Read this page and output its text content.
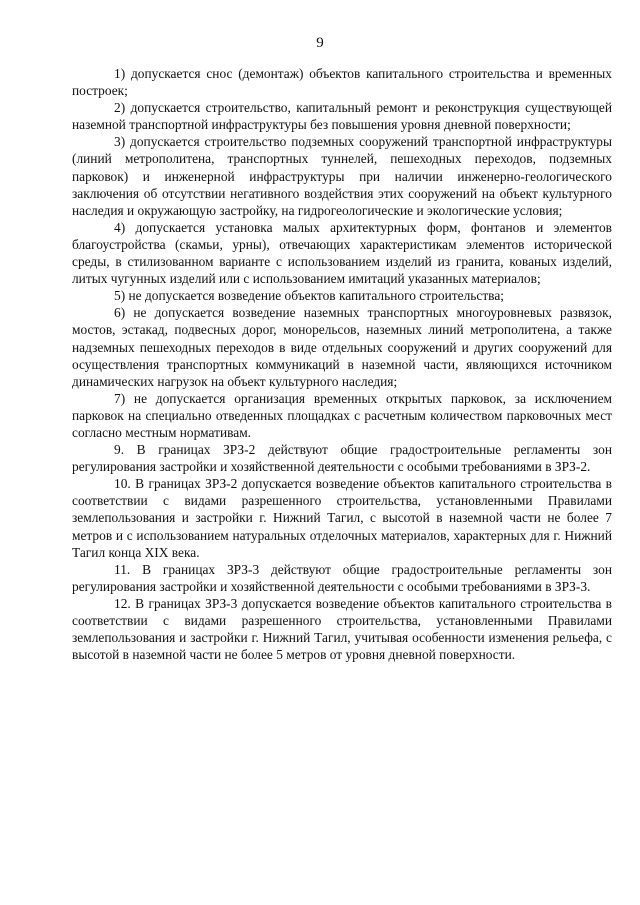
9

1) допускается снос (демонтаж) объектов капитального строительства и временных построек;

2) допускается строительство, капитальный ремонт и реконструкция существующей наземной транспортной инфраструктуры без повышения уровня дневной поверхности;

3) допускается строительство подземных сооружений транспортной инфраструктуры (линий метрополитена, транспортных туннелей, пешеходных переходов, подземных парковок) и инженерной инфраструктуры при наличии инженерно-геологического заключения об отсутствии негативного воздействия этих сооружений на объект культурного наследия и окружающую застройку, на гидрогеологические и экологические условия;

4) допускается установка малых архитектурных форм, фонтанов и элементов благоустройства (скамьи, урны), отвечающих характеристикам элементов исторической среды, в стилизованном варианте с использованием изделий из гранита, кованых изделий, литых чугунных изделий или с использованием имитаций указанных материалов;

5) не допускается возведение объектов капитального строительства;

6) не допускается возведение наземных транспортных многоуровневых развязок, мостов, эстакад, подвесных дорог, монорельсов, наземных линий метрополитена, а также надземных пешеходных переходов в виде отдельных сооружений и других сооружений для осуществления транспортных коммуникаций в наземной части, являющихся источником динамических нагрузок на объект культурного наследия;

7) не допускается организация временных открытых парковок, за исключением парковок на специально отведенных площадках с расчетным количеством парковочных мест согласно местным нормативам.

9. В границах ЗРЗ-2 действуют общие градостроительные регламенты зон регулирования застройки и хозяйственной деятельности с особыми требованиями в ЗРЗ-2.

10. В границах ЗРЗ-2 допускается возведение объектов капитального строительства в соответствии с видами разрешенного строительства, установленными Правилами землепользования и застройки г. Нижний Тагил, с высотой в наземной части не более 7 метров и с использованием натуральных отделочных материалов, характерных для г. Нижний Тагил конца XIX века.

11. В границах ЗРЗ-3 действуют общие градостроительные регламенты зон регулирования застройки и хозяйственной деятельности с особыми требованиями в ЗРЗ-3.

12. В границах ЗРЗ-3 допускается возведение объектов капитального строительства в соответствии с видами разрешенного строительства, установленными Правилами землепользования и застройки г. Нижний Тагил, учитывая особенности изменения рельефа, с высотой в наземной части не более 5 метров от уровня дневной поверхности.
